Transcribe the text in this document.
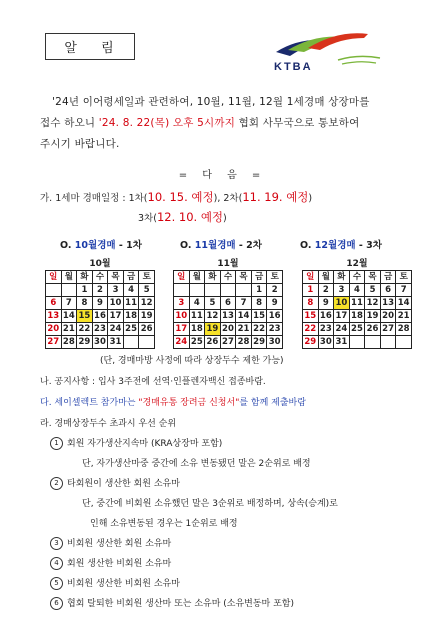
알 림
KTBA

'24년 이어령세일과 관련하여, 10월, 11월, 12월 1세경매 상장마를

접수 하오니 '24. 8. 22(목) 오후 5시까지 협회 사무국으로 통보하여

주시기 바랍니다.

= 다 음 =
가. 1세마 경매일정 : 1차(10. 15. 예정), 2차(11. 19. 예정)
3차(12. 10. 예정)
O. 10월경매 - 1차	O. 11월경매 - 2차	O. 12월경매 - 3차
10월
일	월	화	수	목	금	토
		1	2	3	4	5
6	7	8	9	10	11	12
13	14	15	16	17	18	19
20	21	22	23	24	25	26
27	28	29	30	31		
11월
일	월	화	수	목	금	토
					1	2
3	4	5	6	7	8	9
10	11	12	13	14	15	16
17	18	19	20	21	22	23
24	25	26	27	28	29	30
12월
일	월	화	수	목	금	토
1	2	3	4	5	6	7
8	9	10	11	12	13	14
15	16	17	18	19	20	21
22	23	24	25	26	27	28
29	30	31				
(단, 경매마방 사정에 따라 상장두수 제한 가능)
나. 공지사항 : 입사 3주전에 선역·인플렌자백신 접종바람.
다. 세이셀렉트 참가마는 "경매유통 장려금 신청서"를 함께 제출바람
라. 경매상장두수 초과시 우선 순위
1 회원 자가생산지속마 (KRA상장마 포함)
단, 자가생산마중 중간에 소유 변동됐던 말은 2순위로 배정
2 타회원이 생산한 회원 소유마
단, 중간에 비회원 소유했던 말은 3순위로 배정하며, 상속(승계)로
인해 소유변동된 경우는 1순위로 배정
3 비회원 생산한 회원 소유마
4 회원 생산한 비회원 소유마
5 비회원 생산한 비회원 소유마
6 협회 탈퇴한 비회원 생산마 또는 소유마 (소유변동마 포함)
